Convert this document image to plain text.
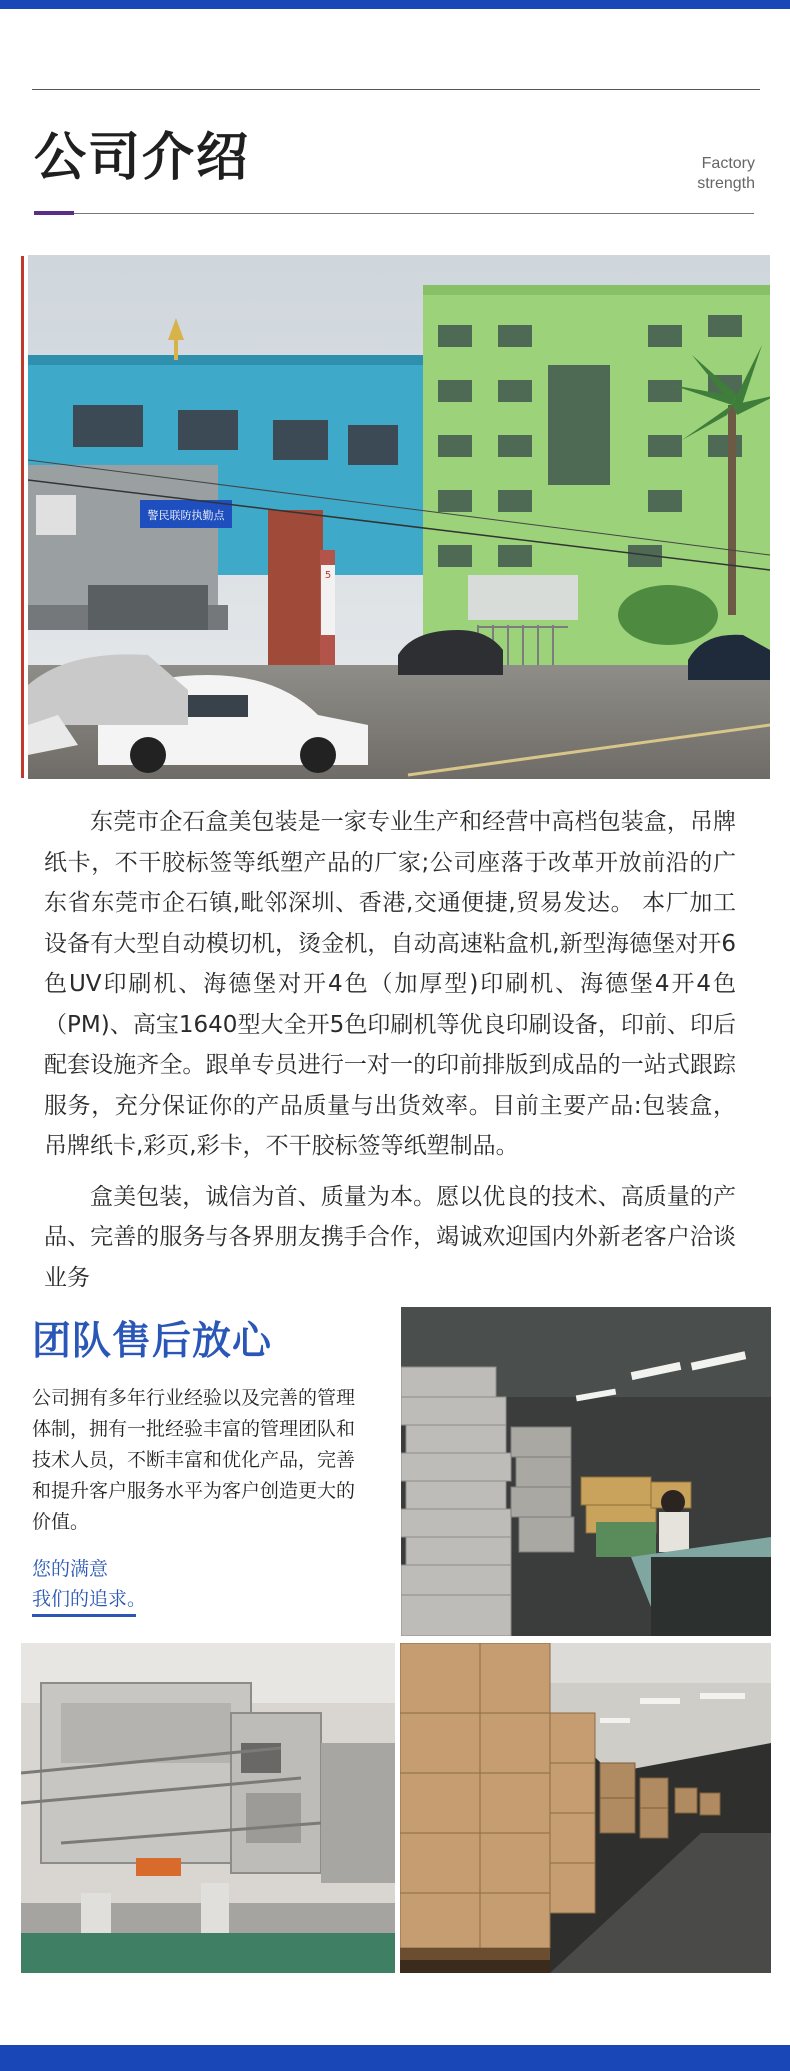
公司介绍	Factory
strength
警民联防执勤点
5

东莞市企石盒美包装是一家专业生产和经营中高档包装盒，吊牌纸卡，不干胶标签等纸塑产品的厂家;公司座落于改革开放前沿的广东省东莞市企石镇,毗邻深圳、香港,交通便捷,贸易发达。 本厂加工设备有大型自动模切机，烫金机，自动高速粘盒机,新型海德堡对开6色UV印刷机、海德堡对开4色（加厚型)印刷机、海德堡4开4色 （PM)、高宝1640型大全开5色印刷机等优良印刷设备，印前、印后配套设施齐全。跟单专员进行一对一的印前排版到成品的一站式跟踪服务，充分保证你的产品质量与出货效率。目前主要产品:包装盒，吊牌纸卡,彩页,彩卡，不干胶标签等纸塑制品。

盒美包装，诚信为首、质量为本。愿以优良的技术、高质量的产品、完善的服务与各界朋友携手合作，竭诚欢迎国内外新老客户洽谈业务

团队售后放心

公司拥有多年行业经验以及完善的管理体制，拥有一批经验丰富的管理团队和技术人员，不断丰富和优化产品，完善和提升客户服务水平为客户创造更大的价值。

您的满意
我们的追求。
